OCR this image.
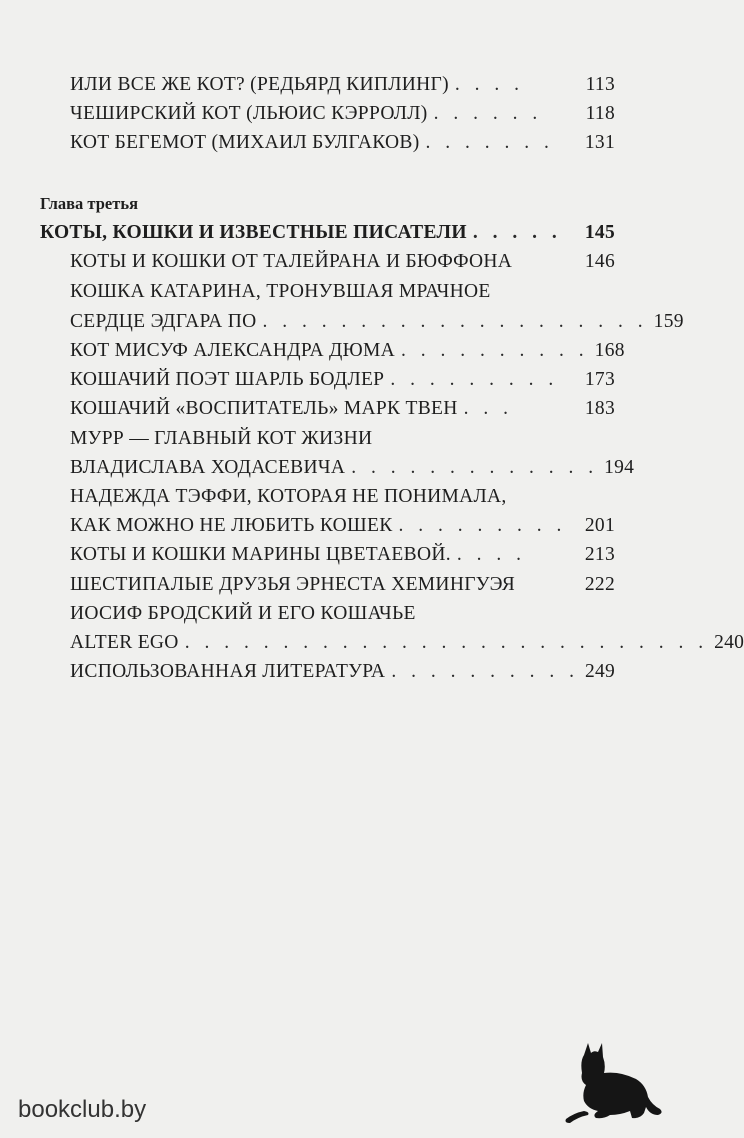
ИЛИ ВСЕ ЖЕ КОТ? (РЕДЬЯРД КИПЛИНГ) . . . .	113
ЧЕШИРСКИЙ КОТ (ЛЬЮИС КЭРРОЛЛ) . . . . . .	118
КОТ БЕГЕМОТ (МИХАИЛ БУЛГАКОВ) . . . . . . .	131
Глава третья
КОТЫ, КОШКИ И ИЗВЕСТНЫЕ ПИСАТЕЛИ . . . . .	145
КОТЫ И КОШКИ ОТ ТАЛЕЙРАНА И БЮФФОНА	146
КОШКА КАТАРИНА, ТРОНУВШАЯ МРАЧНОЕ
СЕРДЦЕ ЭДГАРА ПО . . . . . . . . . . . . . . . . . . . . 159
КОТ МИСУФ АЛЕКСАНДРА ДЮМА . . . . . . . . . . 168
КОШАЧИЙ ПОЭТ ШАРЛЬ БОДЛЕР . . . . . . . . .	173
КОШАЧИЙ «ВОСПИТАТЕЛЬ» МАРК ТВЕН . . .	183
МУРР — ГЛАВНЫЙ КОТ ЖИЗНИ
ВЛАДИСЛАВА ХОДАСЕВИЧА . . . . . . . . . . . . . 194
НАДЕЖДА ТЭФФИ, КОТОРАЯ НЕ ПОНИМАЛА,
КАК МОЖНО НЕ ЛЮБИТЬ КОШЕК . . . . . . . . . 201
КОТЫ И КОШКИ МАРИНЫ ЦВЕТАЕВОЙ. . . . .	213
ШЕСТИПАЛЫЕ ДРУЗЬЯ ЭРНЕСТА ХЕМИНГУЭЯ	222
ИОСИФ БРОДСКИЙ И ЕГО КОШАЧЬЕ
ALTER EGO . . . . . . . . . . . . . . . . . . . . . . . . . . . 240
ИСПОЛЬЗОВАННАЯ ЛИТЕРАТУРА . . . . . . . . . . 249
bookclub.by
